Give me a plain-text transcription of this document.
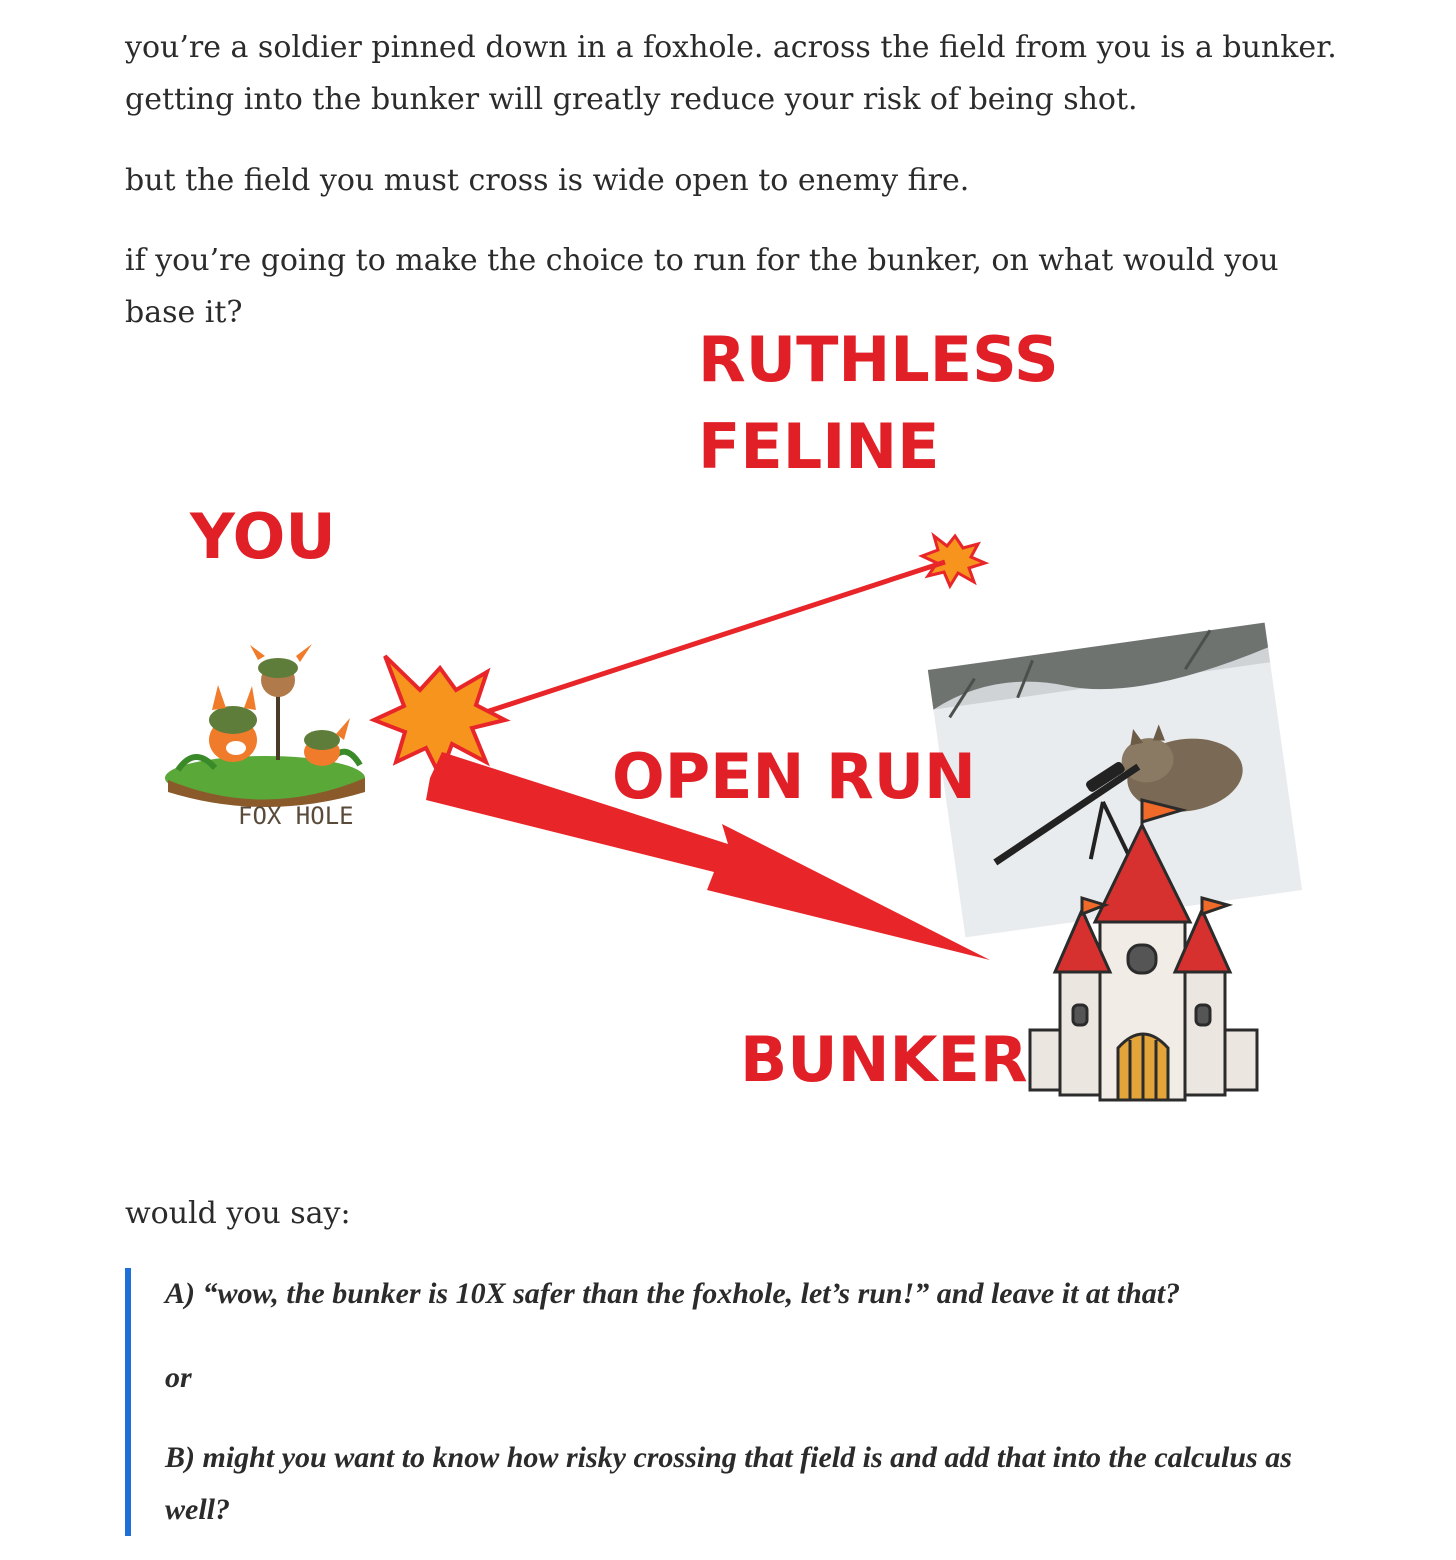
you’re a soldier pinned down in a foxhole. across the field from you is a bunker. getting into the bunker will greatly reduce your risk of being shot.

but the field you must cross is wide open to enemy fire.

if you’re going to make the choice to run for the bunker, on what would you base it?

RUTHLESS

FELINE

YOU

OPEN RUN

BUNKER

FOX HOLE

would you say:

A) “wow, the bunker is 10X safer than the foxhole, let’s run!” and leave it at that?

or

B) might you want to know how risky crossing that field is and add that into the calculus as well?
